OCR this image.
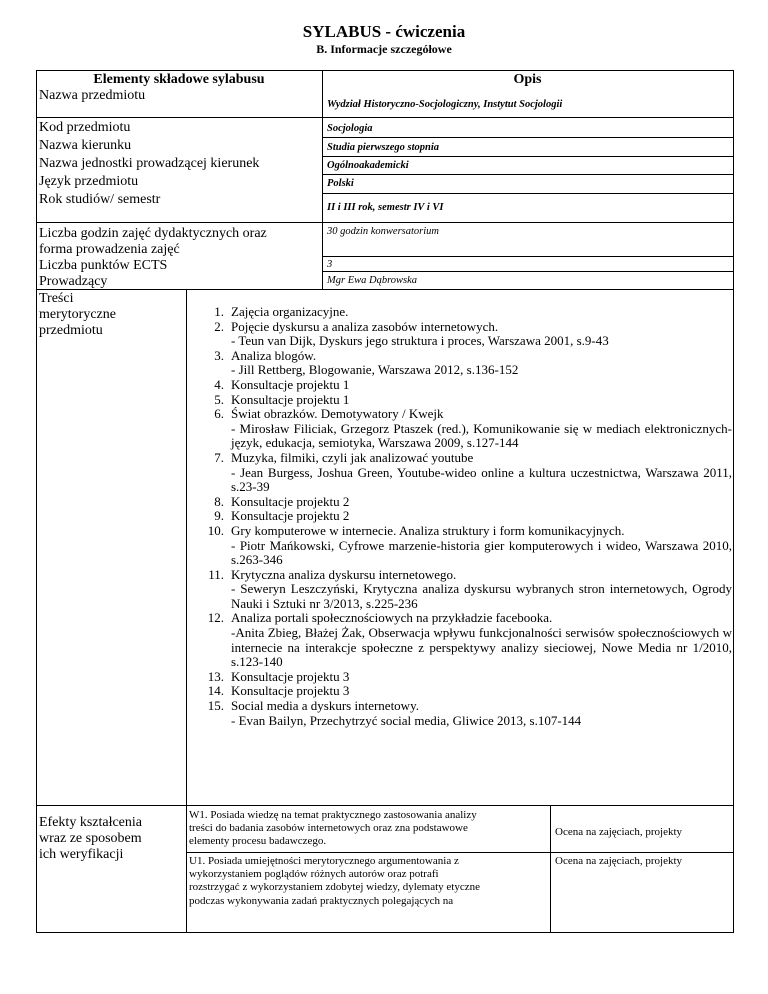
SYLABUS - ćwiczenia
B. Informacje szczegółowe
Elementy składowe sylabusu	Opis
Nazwa przedmiotu
Kod przedmiotu
Nazwa kierunku
Nazwa jednostki prowadzącej kierunek
Język przedmiotu
Rok studiów/ semestr
Liczba godzin zajęć dydaktycznych oraz
forma prowadzenia zajęć
Liczba punktów ECTS
Prowadzący
Wydział Historyczno-Socjologiczny, Instytut Socjologii
Socjologia
Studia pierwszego stopnia
Ogólnoakademicki
Polski
II i III rok, semestr IV i VI
30 godzin konwersatorium
3
Mgr Ewa Dąbrowska
Treści
merytoryczne
przedmiotu
1. Zajęcia organizacyjne.
2. Pojęcie dyskursu a analiza zasobów internetowych.
- Teun van Dijk, Dyskurs jego struktura i proces, Warszawa 2001, s.9-43
3. Analiza blogów.
- Jill Rettberg, Blogowanie, Warszawa 2012, s.136-152
4. Konsultacje projektu 1
5. Konsultacje projektu 1
6. Świat obrazków. Demotywatory / Kwejk
- Mirosław Filiciak, Grzegorz Ptaszek (red.), Komunikowanie się w mediach elektronicznych- język, edukacja, semiotyka, Warszawa 2009, s.127-144
7. Muzyka, filmiki, czyli jak analizować youtube
- Jean Burgess, Joshua Green, Youtube-wideo online a kultura uczestnictwa, Warszawa 2011, s.23-39
8. Konsultacje projektu 2
9. Konsultacje projektu 2
10. Gry komputerowe w internecie. Analiza struktury i form komunikacyjnych.
- Piotr Mańkowski, Cyfrowe marzenie-historia gier komputerowych i wideo, Warszawa 2010, s.263-346
11. Krytyczna analiza dyskursu internetowego.
- Seweryn Leszczyński, Krytyczna analiza dyskursu wybranych stron internetowych, Ogrody Nauki i Sztuki nr 3/2013, s.225-236
12. Analiza portali społecznościowych na przykładzie facebooka.
-Anita Zbieg, Błażej Żak, Obserwacja wpływu funkcjonalności serwisów społecznościowych w internecie na interakcje społeczne z perspektywy analizy sieciowej, Nowe Media nr 1/2010, s.123-140
13. Konsultacje projektu 3
14. Konsultacje projektu 3
15. Social media a dyskurs internetowy.
- Evan Bailyn, Przechytrzyć social media, Gliwice 2013, s.107-144
Efekty kształcenia
wraz ze sposobem
ich weryfikacji
W1. Posiada wiedzę na temat praktycznego zastosowania analizy
treści do badania zasobów internetowych oraz zna podstawowe
elementy procesu badawczego.
Ocena na zajęciach, projekty
U1. Posiada umiejętności merytorycznego argumentowania z
wykorzystaniem poglądów różnych autorów oraz potrafi
rozstrzygać z wykorzystaniem zdobytej wiedzy, dylematy etyczne
podczas wykonywania zadań praktycznych polegających na
Ocena na zajęciach, projekty
